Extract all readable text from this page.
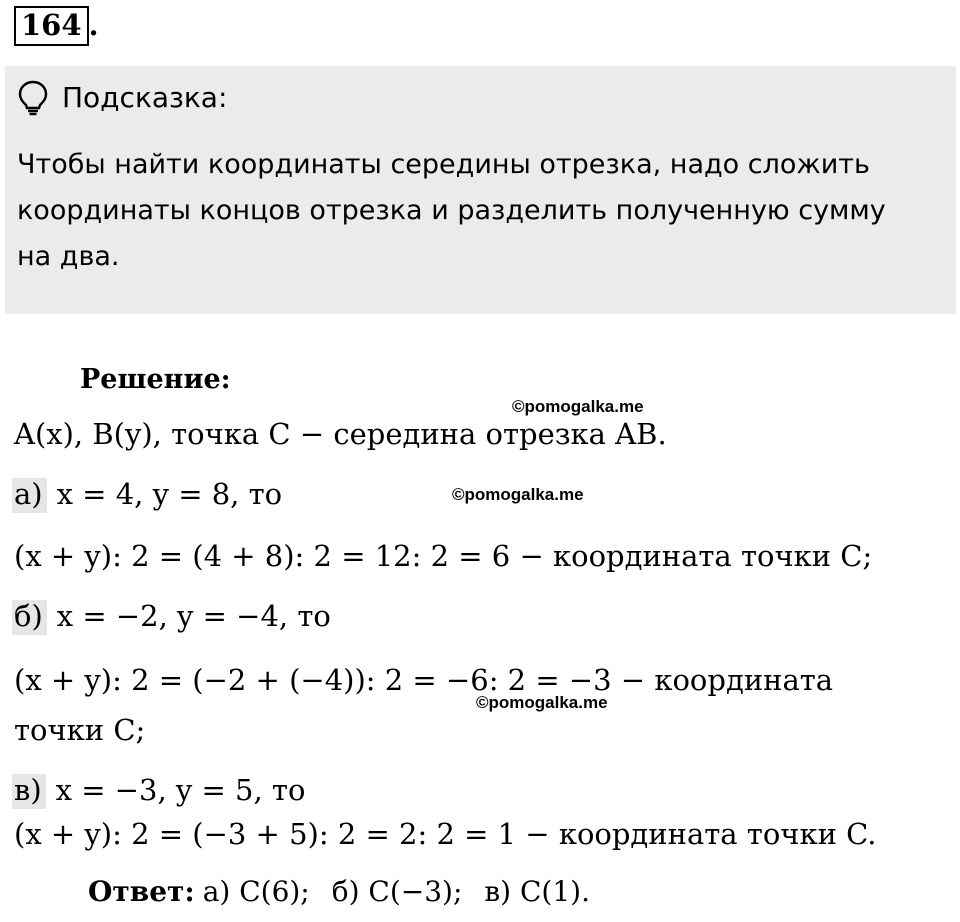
164 .
Подсказка:
Чтобы найти координаты середины отрезка, надо сложить
координаты концов отрезка и разделить полученную сумму
на два.
Решение:
©pomogalka.me
A(x), B(y), точка C − середина отрезка AB.
а) x = 4, y = 8, то	©pomogalka.me
(x + y): 2 = (4 + 8): 2 = 12: 2 = 6 − координата точки C;
б) x = −2, y = −4, то
(x + y): 2 = (−2 + (−4)): 2 = −6: 2 = −3 − координата
©pomogalka.me
точки C;
в) x = −3, y = 5, то
(x + y): 2 = (−3 + 5): 2 = 2: 2 = 1 − координата точки C.
Ответ: а) C(6); б) C(−3); в) C(1).
